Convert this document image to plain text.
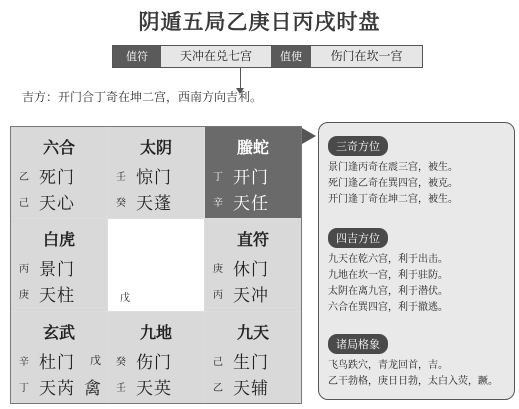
阴遁五局乙庚日丙戌时盘
值符	天冲在兑七宫	值使	伤门在坎一宫
吉方：开门合丁奇在坤二宫，西南方向吉利。
六合
乙 死门
己 天心
太阴
壬 惊门
癸 天蓬
螣蛇
丁 开门
辛 天任
白虎
丙 景门
庚 天柱	戊
直符
庚 休门
丙 天冲
玄武
辛 杜门 戊
丁 天芮 禽
九地
癸 伤门
壬 天英
九天
己 生门
乙 天辅
三奇方位
景门逢丙奇在震三宫，被生。
死门逢乙奇在巽四宫，被克。
开门逢丁奇在坤二宫，被生。
四吉方位
九天在乾六宫，利于出击。
九地在坎一宫，利于驻防。
太阴在离九宫，利于潜伏。
六合在巽四宫，利于撤逃。
诸局格象
飞鸟跌穴，青龙回首，吉。
乙干勃格，庚日日勃，太白入荧，蹶。
